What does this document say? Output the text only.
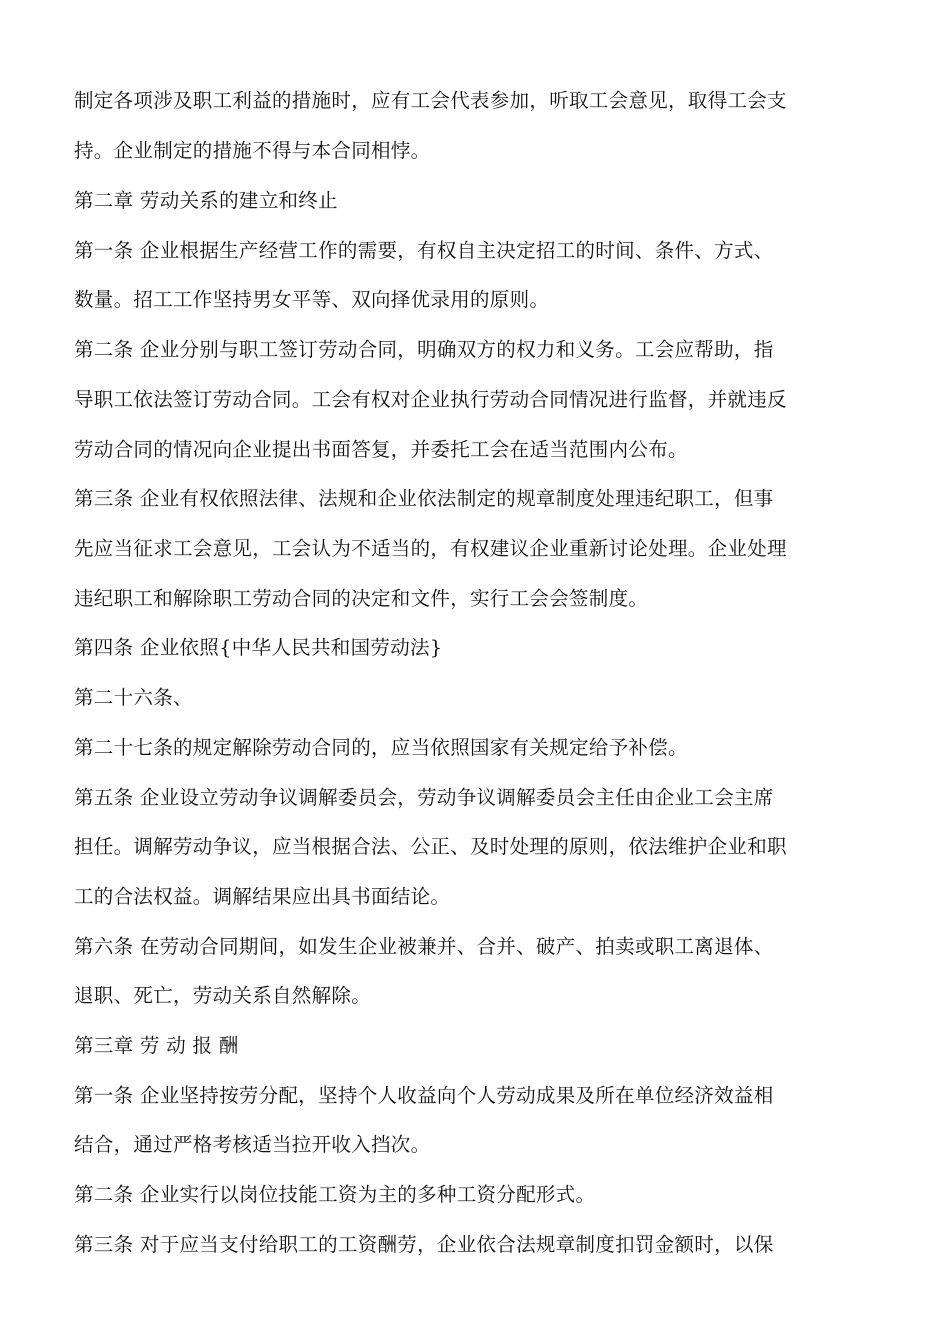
制定各项涉及职工利益的措施时，应有工会代表参加，听取工会意见，取得工会支
持。企业制定的措施不得与本合同相悖。
第二章 劳动关系的建立和终止
第一条 企业根据生产经营工作的需要，有权自主决定招工的时间、条件、方式、
数量。招工工作坚持男女平等、双向择优录用的原则。
第二条 企业分别与职工签订劳动合同，明确双方的权力和义务。工会应帮助，指
导职工依法签订劳动合同。工会有权对企业执行劳动合同情况进行监督，并就违反
劳动合同的情况向企业提出书面答复，并委托工会在适当范围内公布。
第三条 企业有权依照法律、法规和企业依法制定的规章制度处理违纪职工，但事
先应当征求工会意见，工会认为不适当的，有权建议企业重新讨论处理。企业处理
违纪职工和解除职工劳动合同的决定和文件，实行工会会签制度。
第四条 企业依照{中华人民共和国劳动法}
第二十六条、
第二十七条的规定解除劳动合同的，应当依照国家有关规定给予补偿。
第五条 企业设立劳动争议调解委员会，劳动争议调解委员会主任由企业工会主席
担任。调解劳动争议，应当根据合法、公正、及时处理的原则，依法维护企业和职
工的合法权益。调解结果应出具书面结论。
第六条 在劳动合同期间，如发生企业被兼并、合并、破产、拍卖或职工离退体、
退职、死亡，劳动关系自然解除。
第三章 劳 动 报 酬
第一条 企业坚持按劳分配，坚持个人收益向个人劳动成果及所在单位经济效益相
结合，通过严格考核适当拉开收入挡次。
第二条 企业实行以岗位技能工资为主的多种工资分配形式。
第三条 对于应当支付给职工的工资酬劳，企业依合法规章制度扣罚金额时，以保
